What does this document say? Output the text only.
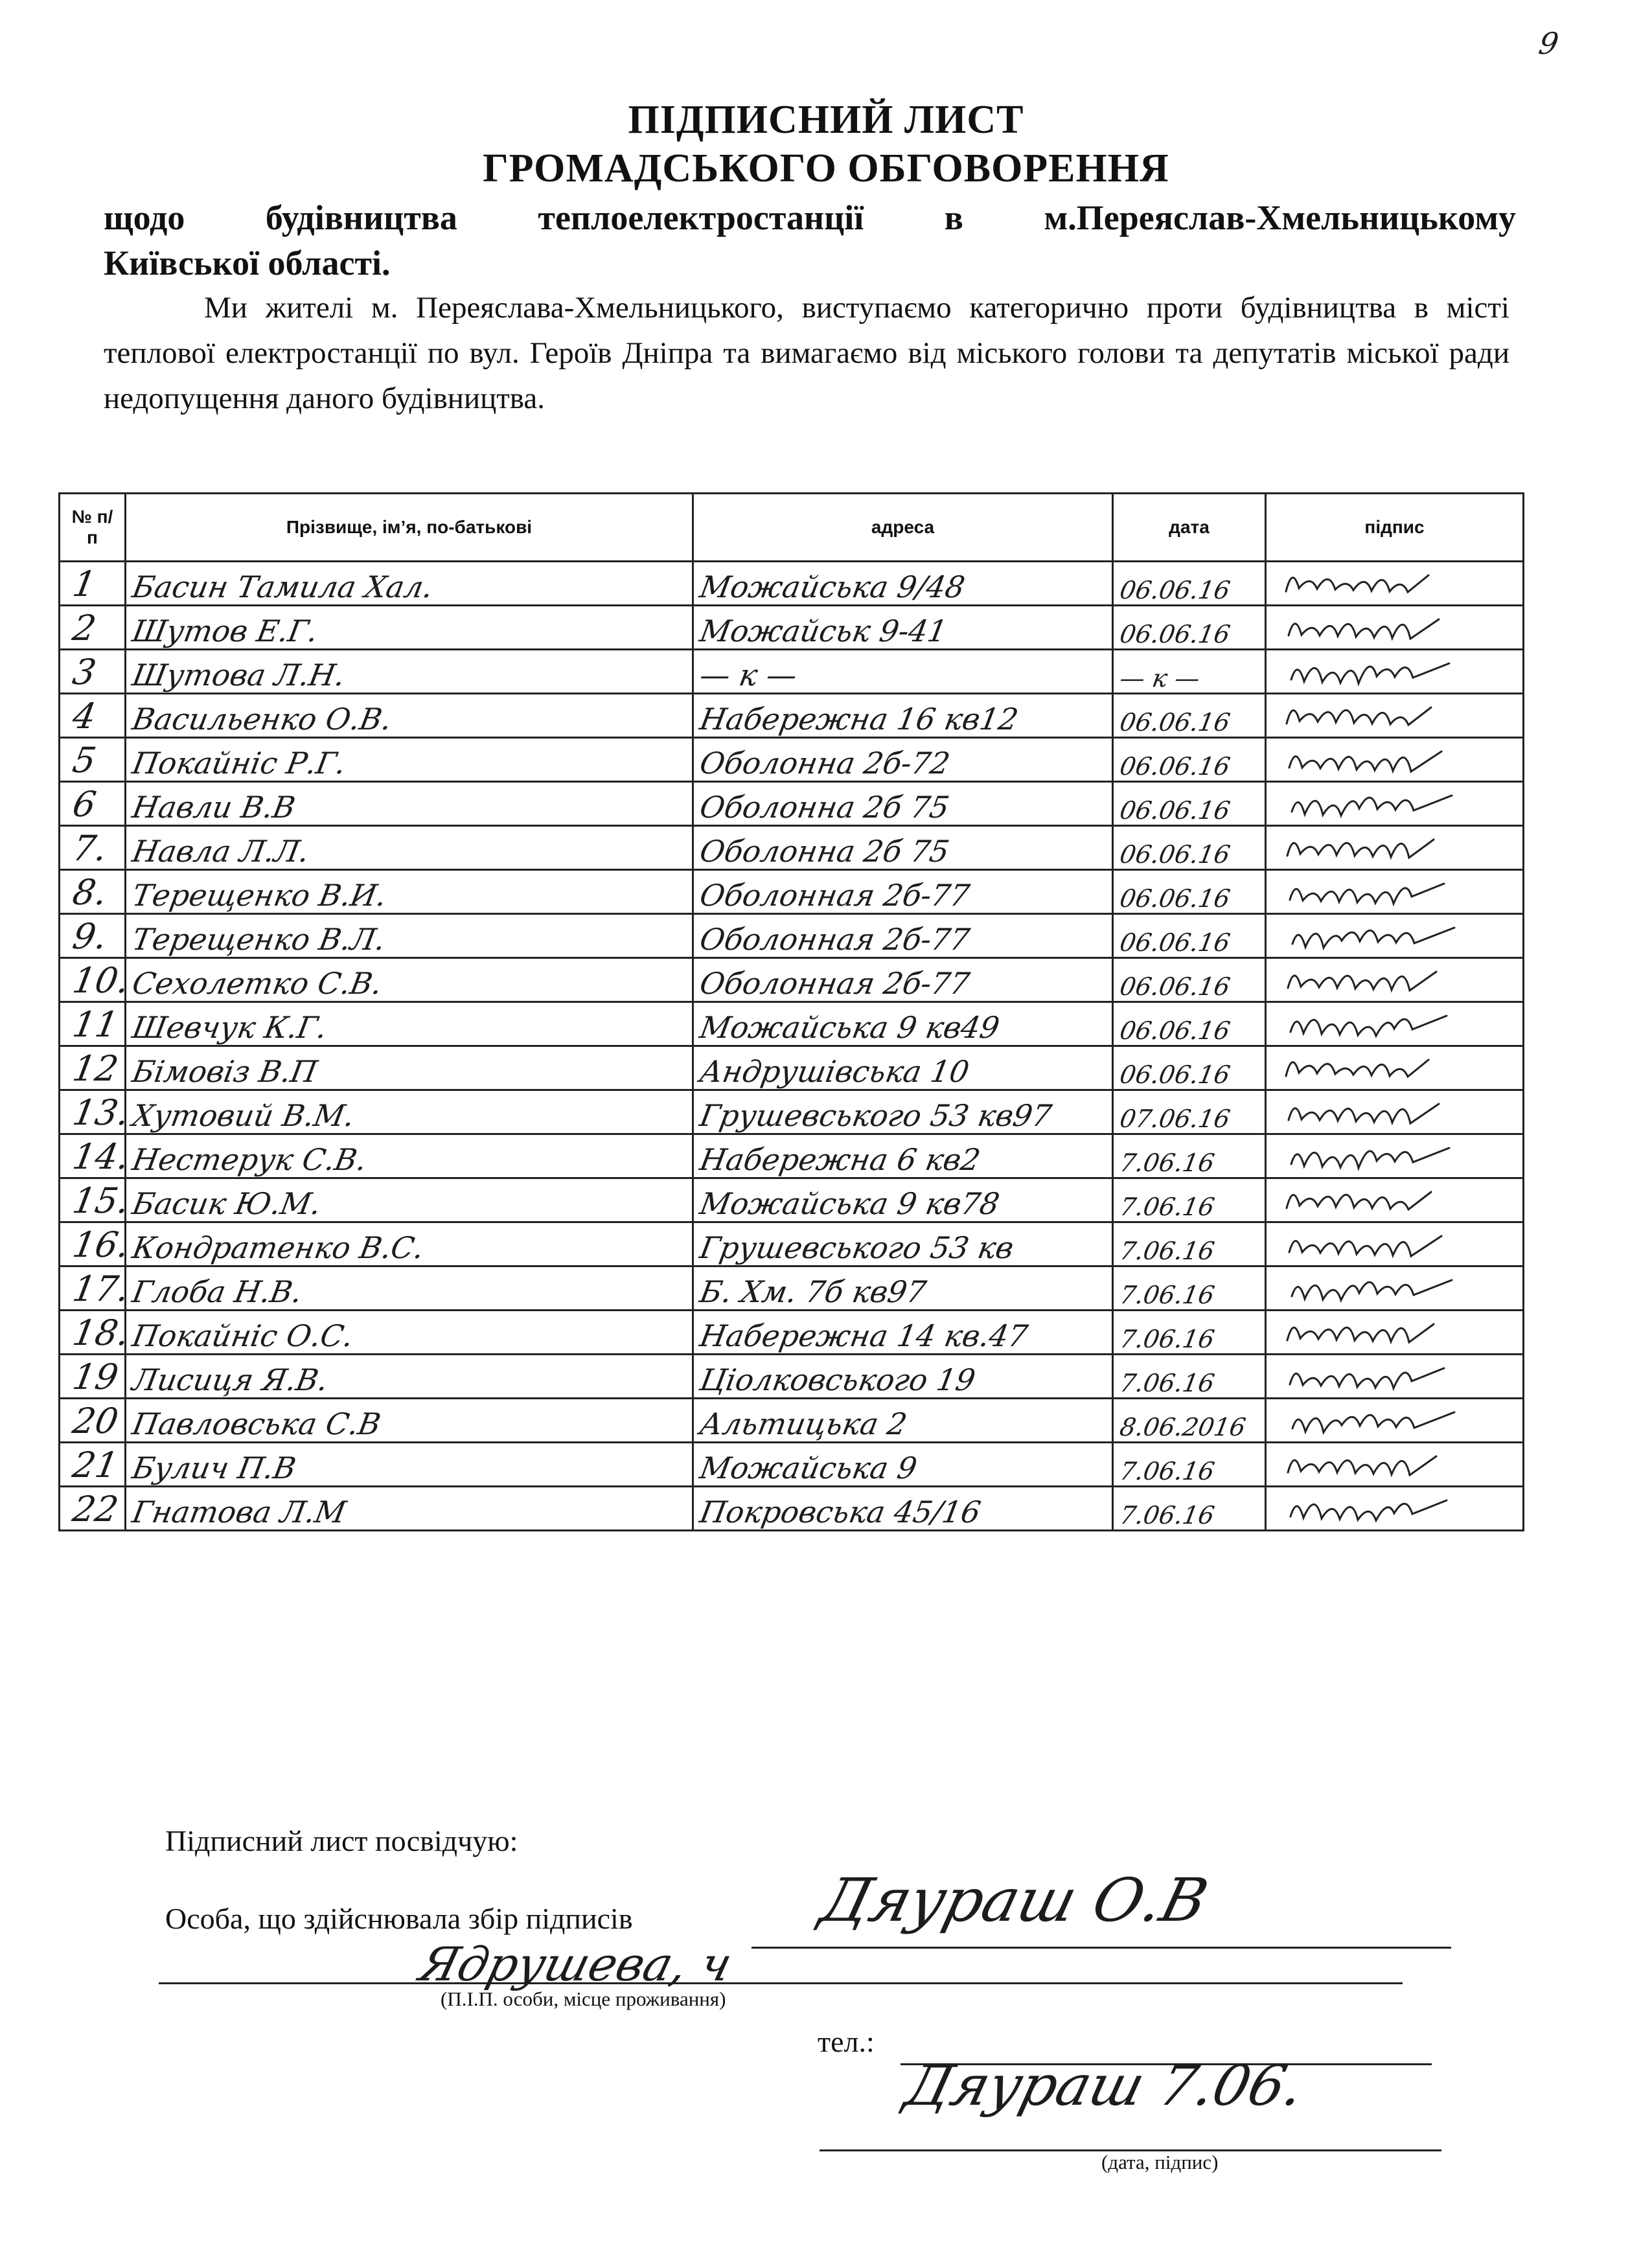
9
ПІДПИСНИЙ ЛИСТ
ГРОМАДСЬКОГО ОБГОВОРЕННЯ
щодо будівництва теплоелектростанції в м.Переяслав-Хмельницькому
Київської області.
Ми жителі м. Переяслава-Хмельницького, виступаємо категорично проти будівництва в місті теплової електростанції по вул. Героїв Дніпра та вимагаємо від міського голови та депутатів міської ради недопущення даного будівництва.
№ п/п	Прізвище, ім’я, по-батькові	адреса	дата	підпис
1	Басин Тамила Хал.	Можайська 9/48	06.06.16	
2	Шутов Е.Г.	Можайськ 9-41	06.06.16	
3	Шутова Л.Н.	— к —	— к —	
4	Васильенко О.В.	Набережна 16 кв12	06.06.16	
5	Покайніс Р.Г.	Оболонна 2б-72	06.06.16	
6	Навли В.В	Оболонна 2б 75	06.06.16	
7.	Навла Л.Л.	Оболонна 2б 75	06.06.16	
8.	Терещенко В.И.	Оболонная 2б-77	06.06.16	
9.	Терещенко В.Л.	Оболонная 2б-77	06.06.16	
10.	Сехолетко С.В.	Оболонная 2б-77	06.06.16	
11	Шевчук К.Г.	Можайська 9 кв49	06.06.16	
12	Бімовіз В.П	Андрушівська 10	06.06.16	
13.	Хутовий В.М.	Грушевського 53 кв97	07.06.16	
14.	Нестерук С.В.	Набережна 6 кв2	7.06.16	
15.	Басик Ю.М.	Можайська 9 кв78	7.06.16	
16.	Кондратенко В.С.	Грушевського 53 кв	7.06.16	
17.	Глоба Н.В.	Б. Хм. 7б кв97	7.06.16	
18.	Покайніс О.С.	Набережна 14 кв.47	7.06.16	
19	Лисиця Я.В.	Ціолковського 19	7.06.16	
20	Павловська С.В	Альтицька 2	8.06.2016	
21	Булич П.В	Можайська 9	7.06.16	
22	Гнатова Л.М	Покровська 45/16	7.06.16	
Підписний лист посвідчую:
Особа, що здійснювала збір підписів	Дяураш О.В
Ядрушева, ч
(П.І.П. особи, місце проживання)
тел.:
Дяураш 7.06.
(дата, підпис)
